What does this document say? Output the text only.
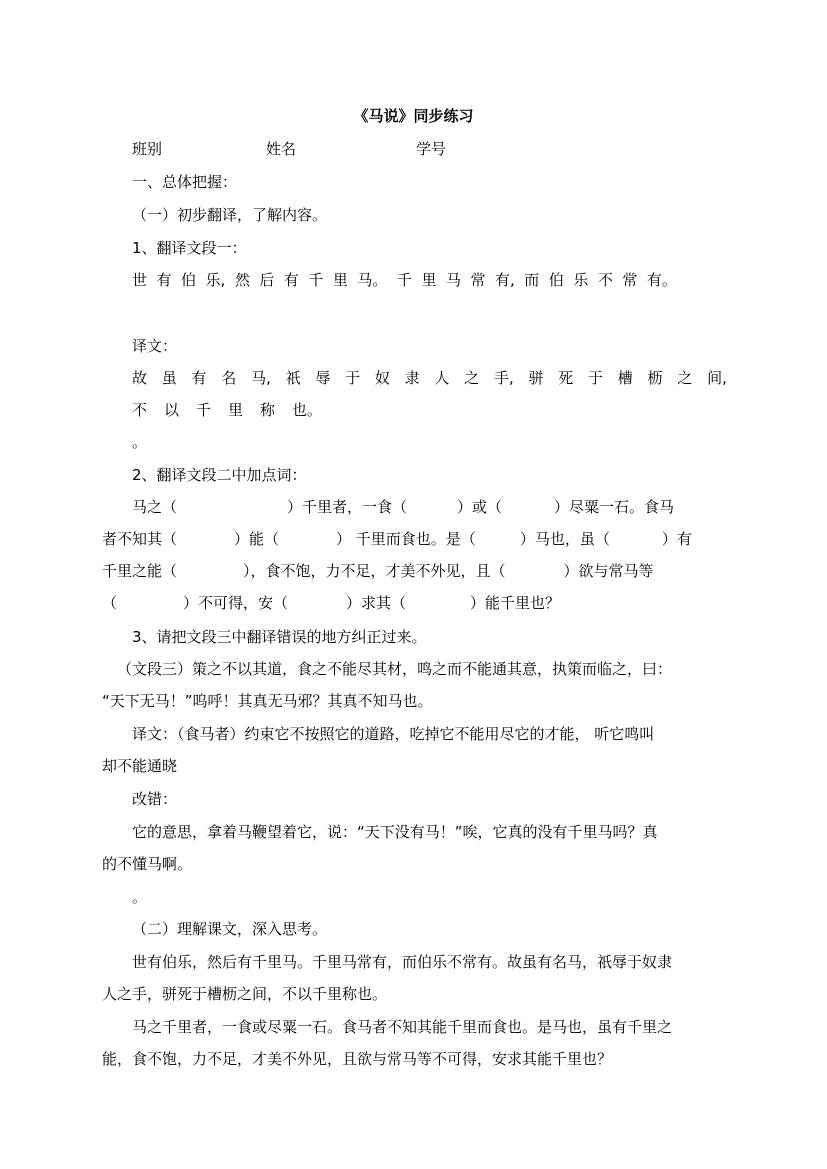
《马说》同步练习
班别	姓名	学号
一、总体把握：
（一）初步翻译，了解内容。
1、翻译文段一：
世 有 伯 乐, 然 后 有 千 里 马。 千 里 马 常 有, 而 伯 乐 不 常 有。
译文：
故 虽 有 名 马, 祇 辱 于 奴 隶 人 之 手, 骈 死 于 槽 枥 之 间,
不 以 千 里 称 也。
。
2、翻译文段二中加点词：
马之（	）千里者，一食（	）或（	）尽粟一石。食马
者不知其（	）能（	） 千里而食也。是（	）马也，虽（	）有
千里之能（	），食不饱，力不足，才美不外见，且（	）欲与常马等
（	）不可得，安（	）求其（	）能千里也？
3、请把文段三中翻译错误的地方纠正过来。
（文段三）策之不以其道，食之不能尽其材，鸣之而不能通其意，执策而临之，曰：
“天下无马！”呜呼！其真无马邪？其真不知马也。
译文：（食马者）约束它不按照它的道路，吃掉它不能用尽它的才能， 听它鸣叫
却不能通晓
改错：
它的意思，拿着马鞭望着它，说：“天下没有马！”唉，它真的没有千里马吗？真
的不懂马啊。
。
（二）理解课文，深入思考。
世有伯乐，然后有千里马。千里马常有，而伯乐不常有。故虽有名马，祇辱于奴隶
人之手，骈死于槽枥之间，不以千里称也。
马之千里者，一食或尽粟一石。食马者不知其能千里而食也。是马也，虽有千里之
能，食不饱，力不足，才美不外见，且欲与常马等不可得，安求其能千里也？
